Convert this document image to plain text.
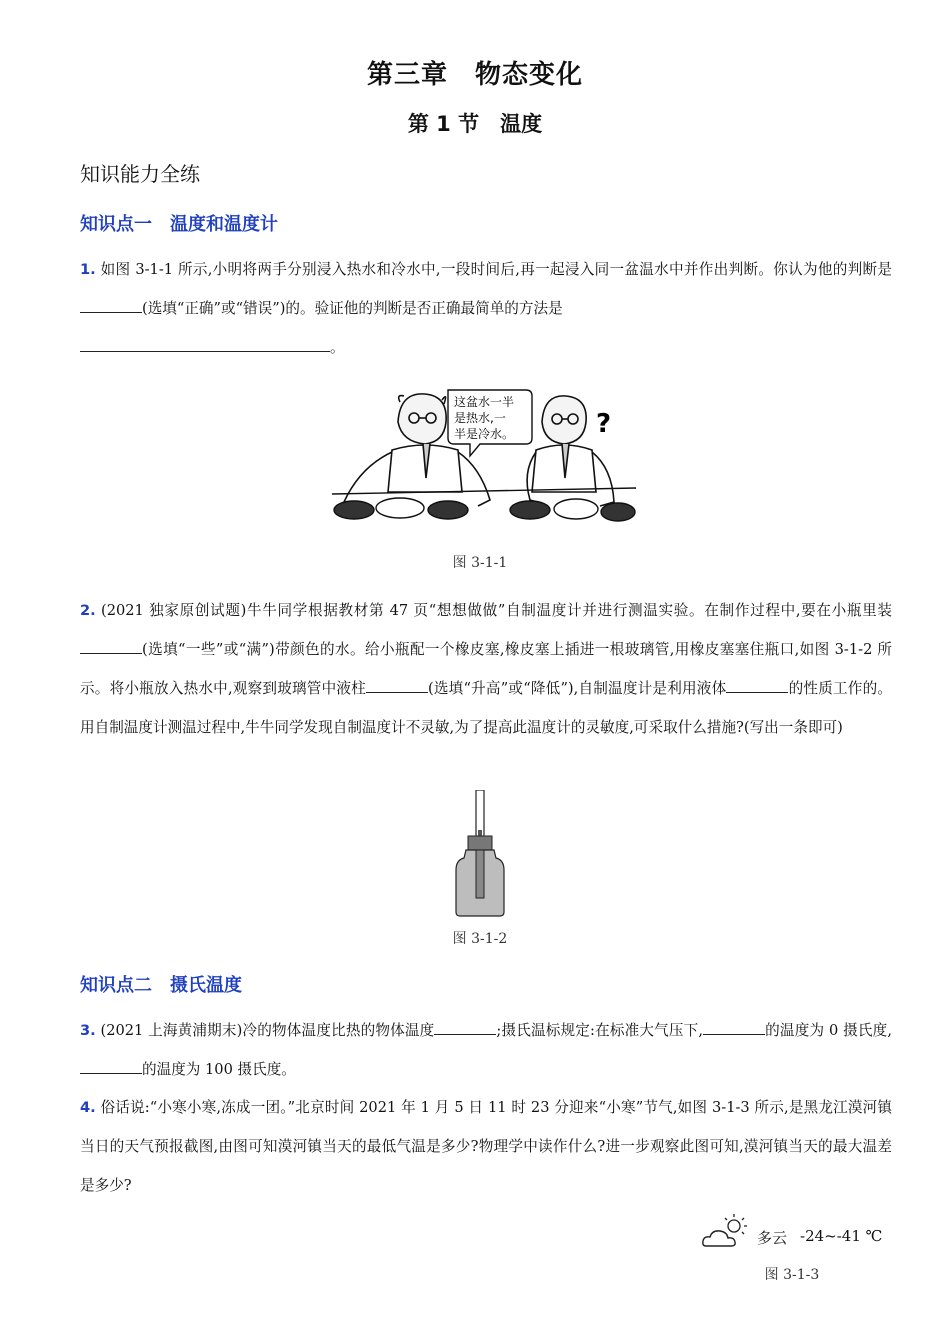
第三章　物态变化
第 1 节　温度
知识能力全练
知识点一　温度和温度计
1. 如图 3-1-1 所示,小明将两手分别浸入热水和冷水中,一段时间后,再一起浸入同一盆温水中并作出判断。你认为他的判断是(选填“正确”或“错误”)的。验证他的判断是否正确最简单的方法是
。
这盆水一半
是热水,一
半是冷水。	?
图 3-1-1
2. (2021 独家原创试题)牛牛同学根据教材第 47 页“想想做做”自制温度计并进行测温实验。在制作过程中,要在小瓶里装(选填“一些”或“满”)带颜色的水。给小瓶配一个橡皮塞,橡皮塞上插进一根玻璃管,用橡皮塞塞住瓶口,如图 3-1-2 所示。将小瓶放入热水中,观察到玻璃管中液柱	(选填“升高”或“降低”),自制温度计是利用液体	的性质工作的。用自制温度计测温过程中,牛牛同学发现自制温度计不灵敏,为了提高此温度计的灵敏度,可采取什么措施?(写出一条即可)
图 3-1-2
知识点二　摄氏温度
3. (2021 上海黄浦期末)冷的物体温度比热的物体温度	;摄氏温标规定:在标准大气压下,	的温度为 0 摄氏度,的温度为 100 摄氏度。
4. 俗话说:“小寒小寒,冻成一团。”北京时间 2021 年 1 月 5 日 11 时 23 分迎来“小寒”节气,如图 3-1-3 所示,是黑龙江漠河镇当日的天气预报截图,由图可知漠河镇当天的最低气温是多少?物理学中读作什么?进一步观察此图可知,漠河镇当天的最大温差是多少?
多云 -24~-41 ℃
图 3-1-3
